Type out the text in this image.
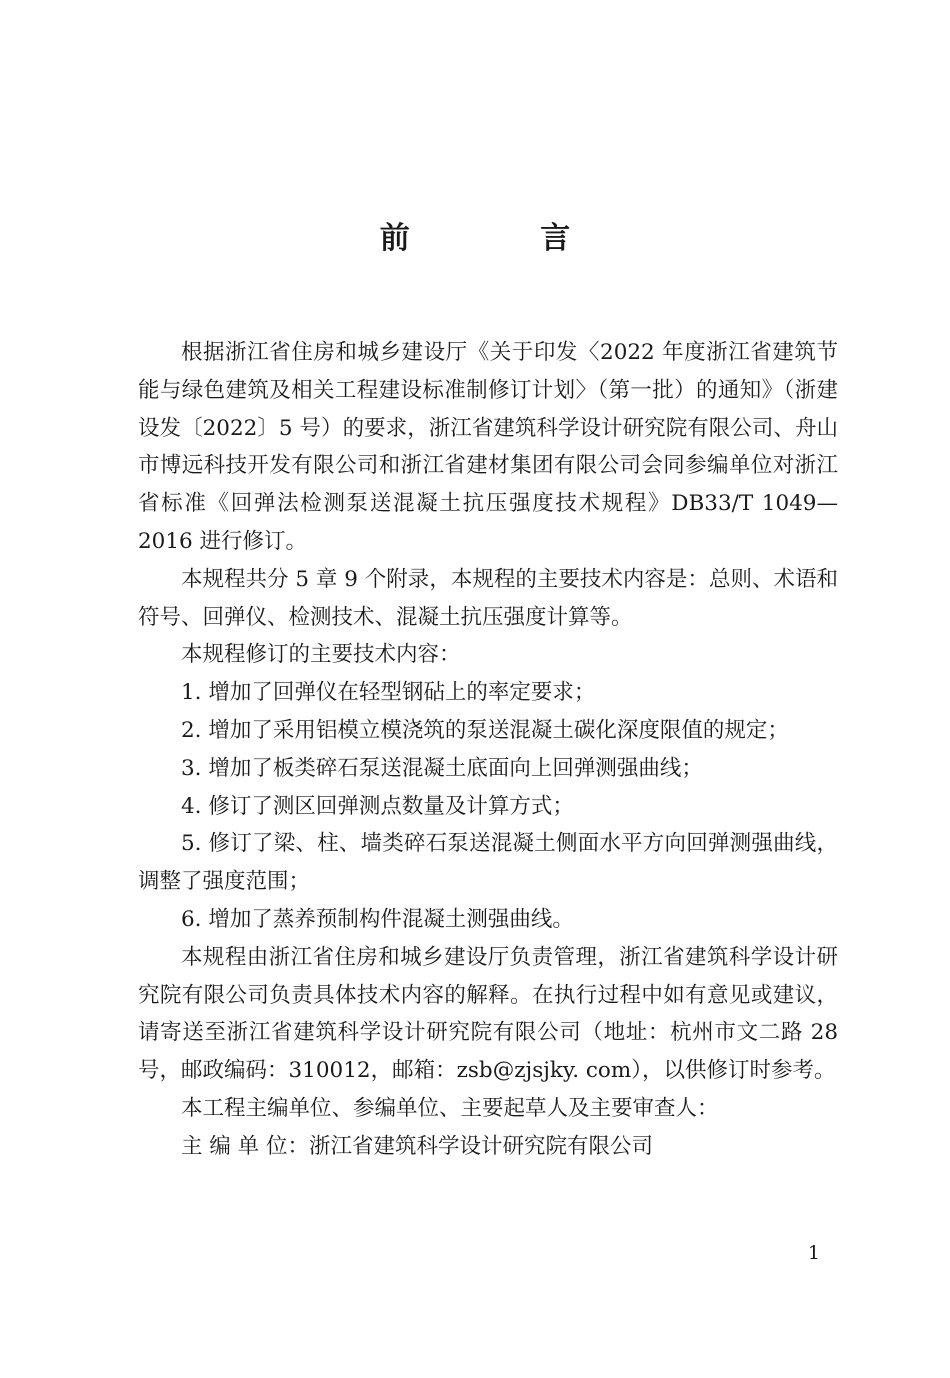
前 言

根据浙江省住房和城乡建设厅《关于印发〈2022 年度浙江省建筑节能与绿色建筑及相关工程建设标准制修订计划〉（第一批）的通知》（浙建设发〔2022〕5 号）的要求，浙江省建筑科学设计研究院有限公司、舟山市博远科技开发有限公司和浙江省建材集团有限公司会同参编单位对浙江省标准《回弹法检测泵送混凝土抗压强度技术规程》DB33/T 1049—2016 进行修订。

本规程共分 5 章 9 个附录，本规程的主要技术内容是：总则、术语和符号、回弹仪、检测技术、混凝土抗压强度计算等。

本规程修订的主要技术内容：

1. 增加了回弹仪在轻型钢砧上的率定要求；

2. 增加了采用铝模立模浇筑的泵送混凝土碳化深度限值的规定；

3. 增加了板类碎石泵送混凝土底面向上回弹测强曲线；

4. 修订了测区回弹测点数量及计算方式；

5. 修订了梁、柱、墙类碎石泵送混凝土侧面水平方向回弹测强曲线，调整了强度范围；

6. 增加了蒸养预制构件混凝土测强曲线。

本规程由浙江省住房和城乡建设厅负责管理，浙江省建筑科学设计研究院有限公司负责具体技术内容的解释。在执行过程中如有意见或建议，请寄送至浙江省建筑科学设计研究院有限公司（地址：杭州市文二路 28 号，邮政编码：310012，邮箱：zsb@zjsjky. com），以供修订时参考。

本工程主编单位、参编单位、主要起草人及主要审查人：

主 编 单 位：浙江省建筑科学设计研究院有限公司

1
